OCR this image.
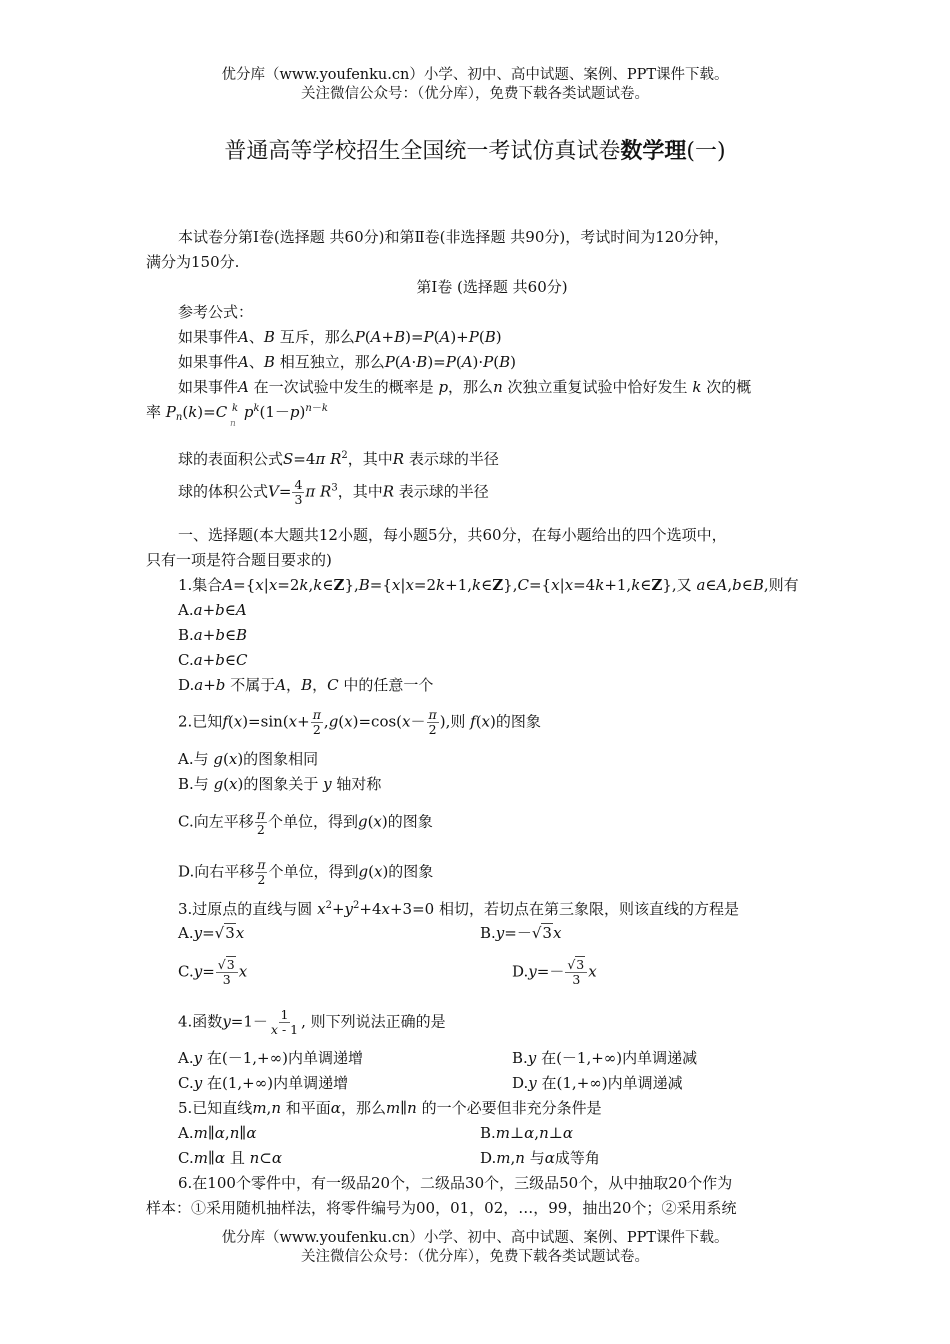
优分库（www.youfenku.cn）小学、初中、高中试题、案例、PPT课件下载。
关注微信公众号：（优分库），免费下载各类试题试卷。
普通高等学校招生全国统一考试仿真试卷数学理(一)
本试卷分第Ⅰ卷(选择题 共60分)和第Ⅱ卷(非选择题 共90分)，考试时间为120分钟，
满分为150分.
第Ⅰ卷 (选择题 共60分)
参考公式：
如果事件A、B 互斥，那么P(A+B)=P(A)+P(B)
如果事件A、B 相互独立，那么P(A·B)=P(A)·P(B)
如果事件A 在一次试验中发生的概率是 p，那么n 次独立重复试验中恰好发生 k 次的概
率 $P_n(k)=C$ $^k_np^k(1-p)^{n-k}$
球的表面积公式S=4π $R^2$，其中R 表示球的半径
球的体积公式$V= \frac{4}{3}$ π $R^3$，其中R 表示球的半径
一、选择题(本大题共12小题，每小题5分，共60分，在每小题给出的四个选项中，
只有一项是符合题目要求的)
1.集合A={x|x=2k,k∈Z},B={x|x=2k+1,k∈Z},C={x|x=4k+1,k∈Z},又 a∈A,b∈B,则有
A.a+b∈A
B.a+b∈B
C.a+b∈C
D.a+b 不属于A，B，C 中的任意一个
2.已知$f(x)=\sin(x+ \frac{\pi}{2} ,g(x)=\cos(x- \frac{\pi}{2}$ ),则 f(x)的图象
A.与 g(x)的图象相同
B.与 g(x)的图象关于 y 轴对称
C.向左平移 $\frac{\pi}{2}$ 个单位，得到g(x)的图象
D.向右平移 $\frac{\pi}{2}$ 个单位，得到g(x)的图象
3.过原点的直线与圆 $x^2+y^2+4x+3=0$ 相切，若切点在第三象限，则该直线的方程是
A.y=√3x	B.y=－√3x
$C.y= \frac{√3}{3}$ x	$D.y=- \frac{√3}{3}$ x
4.函数$y=1- \frac{1}{x - 1}$ , 则下列说法正确的是
A.y 在(－1,+∞)内单调递增	B.y 在(－1,+∞)内单调递减
C.y 在(1,+∞)内单调递增	D.y 在(1,+∞)内单调递减
5.已知直线m,n 和平面α，那么m∥n 的一个必要但非充分条件是
A.m∥α,n∥α	B.m⊥α,n⊥α
C.m∥α 且 n⊂α	D.m,n 与α成等角
6.在100个零件中，有一级品20个，二级品30个，三级品50个，从中抽取20个作为
样本：①采用随机抽样法，将零件编号为00，01，02，…，99，抽出20个；②采用系统
优分库（www.youfenku.cn）小学、初中、高中试题、案例、PPT课件下载。
关注微信公众号：（优分库），免费下载各类试题试卷。
